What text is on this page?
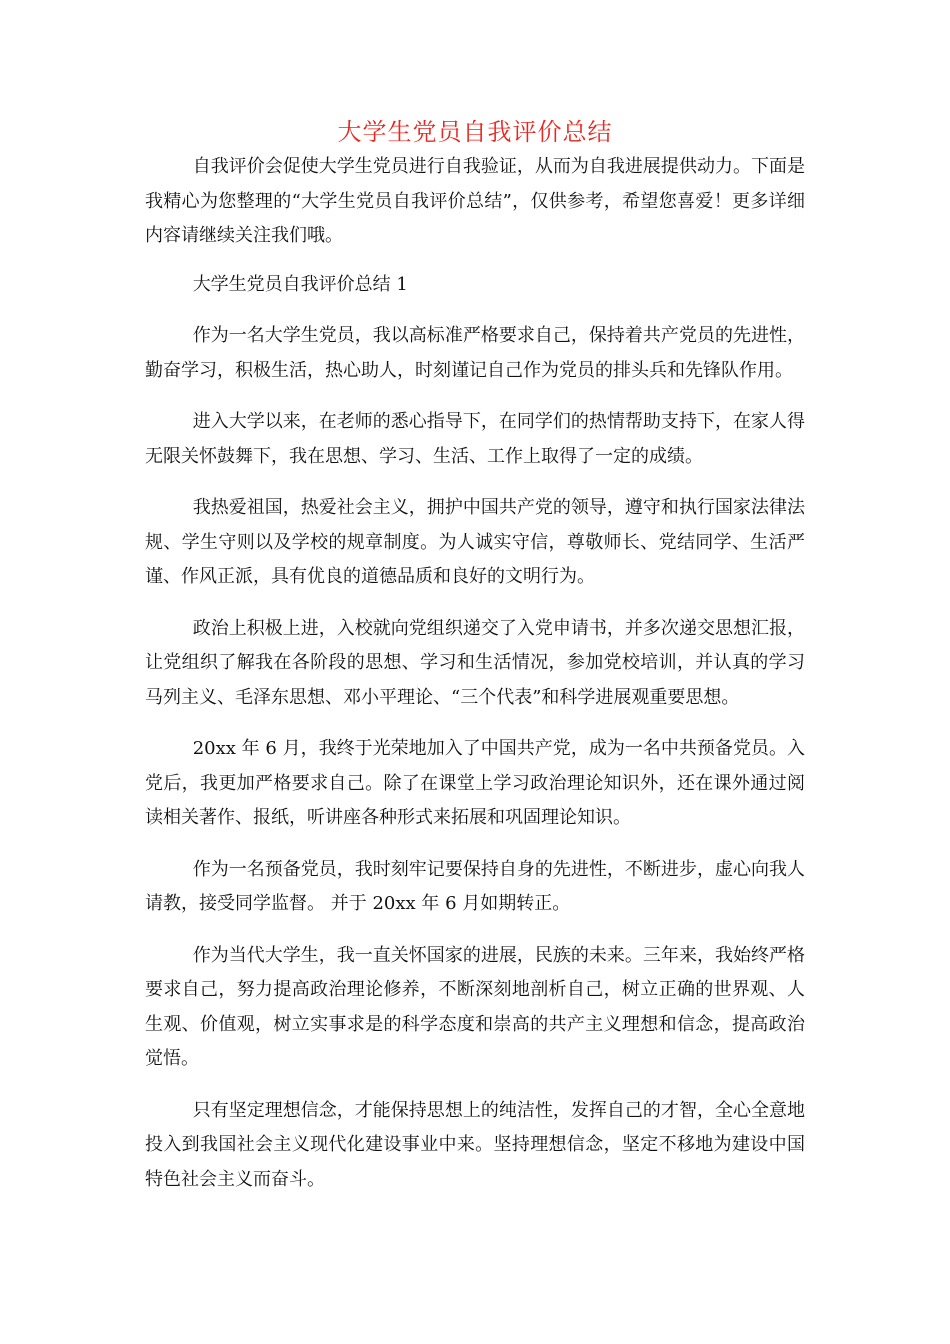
大学生党员自我评价总结

自我评价会促使大学生党员进行自我验证，从而为自我进展提供动力。下面是我精心为您整理的“大学生党员自我评价总结”，仅供参考，希望您喜爱！更多详细内容请继续关注我们哦。

大学生党员自我评价总结 1

作为一名大学生党员，我以高标准严格要求自己，保持着共产党员的先进性，勤奋学习，积极生活，热心助人，时刻谨记自己作为党员的排头兵和先锋队作用。

进入大学以来，在老师的悉心指导下，在同学们的热情帮助支持下，在家人得无限关怀鼓舞下，我在思想、学习、生活、工作上取得了一定的成绩。

我热爱祖国，热爱社会主义，拥护中国共产党的领导，遵守和执行国家法律法规、学生守则以及学校的规章制度。为人诚实守信，尊敬师长、党结同学、生活严谨、作风正派，具有优良的道德品质和良好的文明行为。

政治上积极上进，入校就向党组织递交了入党申请书，并多次递交思想汇报，让党组织了解我在各阶段的思想、学习和生活情况，参加党校培训，并认真的学习马列主义、毛泽东思想、邓小平理论、“三个代表”和科学进展观重要思想。

20xx 年 6 月，我终于光荣地加入了中国共产党，成为一名中共预备党员。入党后，我更加严格要求自己。除了在课堂上学习政治理论知识外，还在课外通过阅读相关著作、报纸，听讲座各种形式来拓展和巩固理论知识。

作为一名预备党员，我时刻牢记要保持自身的先进性，不断进步，虚心向我人请教，接受同学监督。 并于 20xx 年 6 月如期转正。

作为当代大学生，我一直关怀国家的进展，民族的未来。三年来，我始终严格要求自己，努力提高政治理论修养，不断深刻地剖析自己，树立正确的世界观、人生观、价值观，树立实事求是的科学态度和崇高的共产主义理想和信念，提高政治觉悟。

只有坚定理想信念，才能保持思想上的纯洁性，发挥自己的才智，全心全意地投入到我国社会主义现代化建设事业中来。坚持理想信念，坚定不移地为建设中国特色社会主义而奋斗。
